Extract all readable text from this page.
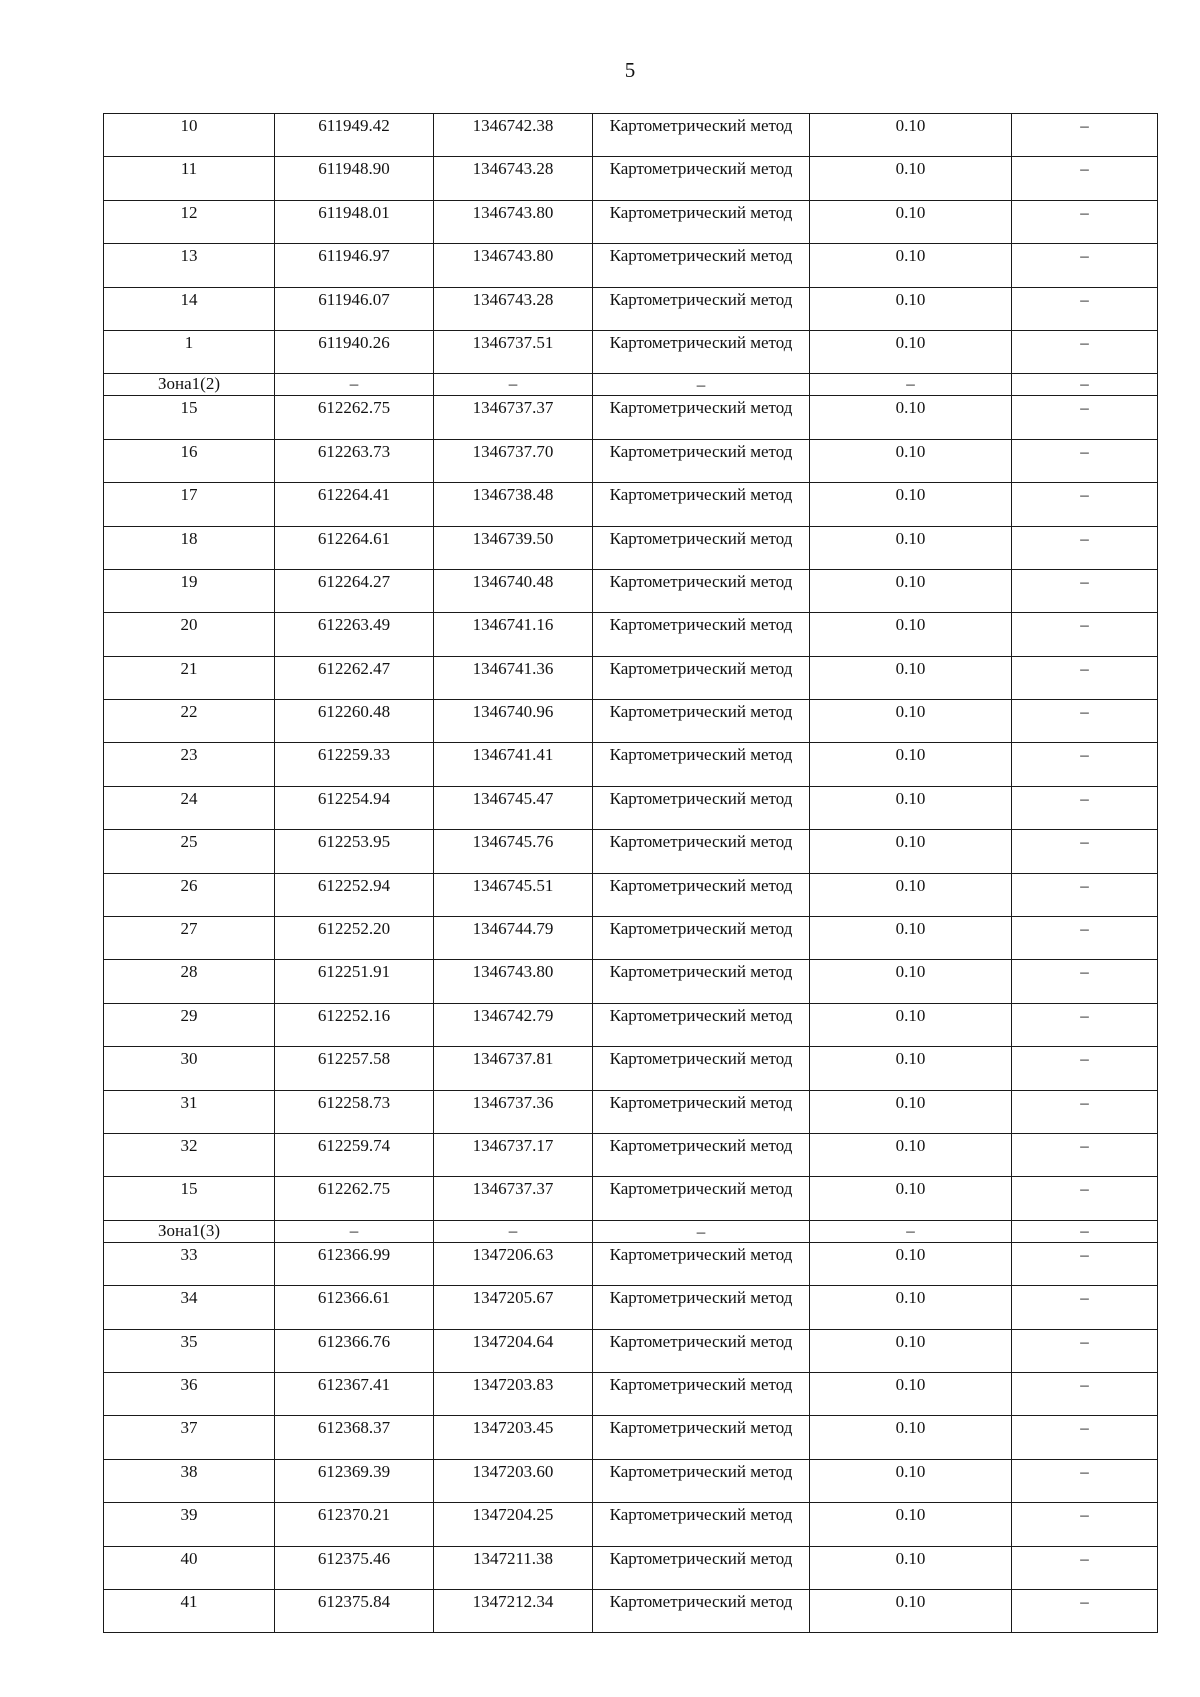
5
10	611949.42	1346742.38	Картометрический метод	0.10	–
11	611948.90	1346743.28	Картометрический метод	0.10	–
12	611948.01	1346743.80	Картометрический метод	0.10	–
13	611946.97	1346743.80	Картометрический метод	0.10	–
14	611946.07	1346743.28	Картометрический метод	0.10	–
1	611940.26	1346737.51	Картометрический метод	0.10	–
Зона1(2)	–	–	–	–	–
15	612262.75	1346737.37	Картометрический метод	0.10	–
16	612263.73	1346737.70	Картометрический метод	0.10	–
17	612264.41	1346738.48	Картометрический метод	0.10	–
18	612264.61	1346739.50	Картометрический метод	0.10	–
19	612264.27	1346740.48	Картометрический метод	0.10	–
20	612263.49	1346741.16	Картометрический метод	0.10	–
21	612262.47	1346741.36	Картометрический метод	0.10	–
22	612260.48	1346740.96	Картометрический метод	0.10	–
23	612259.33	1346741.41	Картометрический метод	0.10	–
24	612254.94	1346745.47	Картометрический метод	0.10	–
25	612253.95	1346745.76	Картометрический метод	0.10	–
26	612252.94	1346745.51	Картометрический метод	0.10	–
27	612252.20	1346744.79	Картометрический метод	0.10	–
28	612251.91	1346743.80	Картометрический метод	0.10	–
29	612252.16	1346742.79	Картометрический метод	0.10	–
30	612257.58	1346737.81	Картометрический метод	0.10	–
31	612258.73	1346737.36	Картометрический метод	0.10	–
32	612259.74	1346737.17	Картометрический метод	0.10	–
15	612262.75	1346737.37	Картометрический метод	0.10	–
Зона1(3)	–	–	–	–	–
33	612366.99	1347206.63	Картометрический метод	0.10	–
34	612366.61	1347205.67	Картометрический метод	0.10	–
35	612366.76	1347204.64	Картометрический метод	0.10	–
36	612367.41	1347203.83	Картометрический метод	0.10	–
37	612368.37	1347203.45	Картометрический метод	0.10	–
38	612369.39	1347203.60	Картометрический метод	0.10	–
39	612370.21	1347204.25	Картометрический метод	0.10	–
40	612375.46	1347211.38	Картометрический метод	0.10	–
41	612375.84	1347212.34	Картометрический метод	0.10	–
